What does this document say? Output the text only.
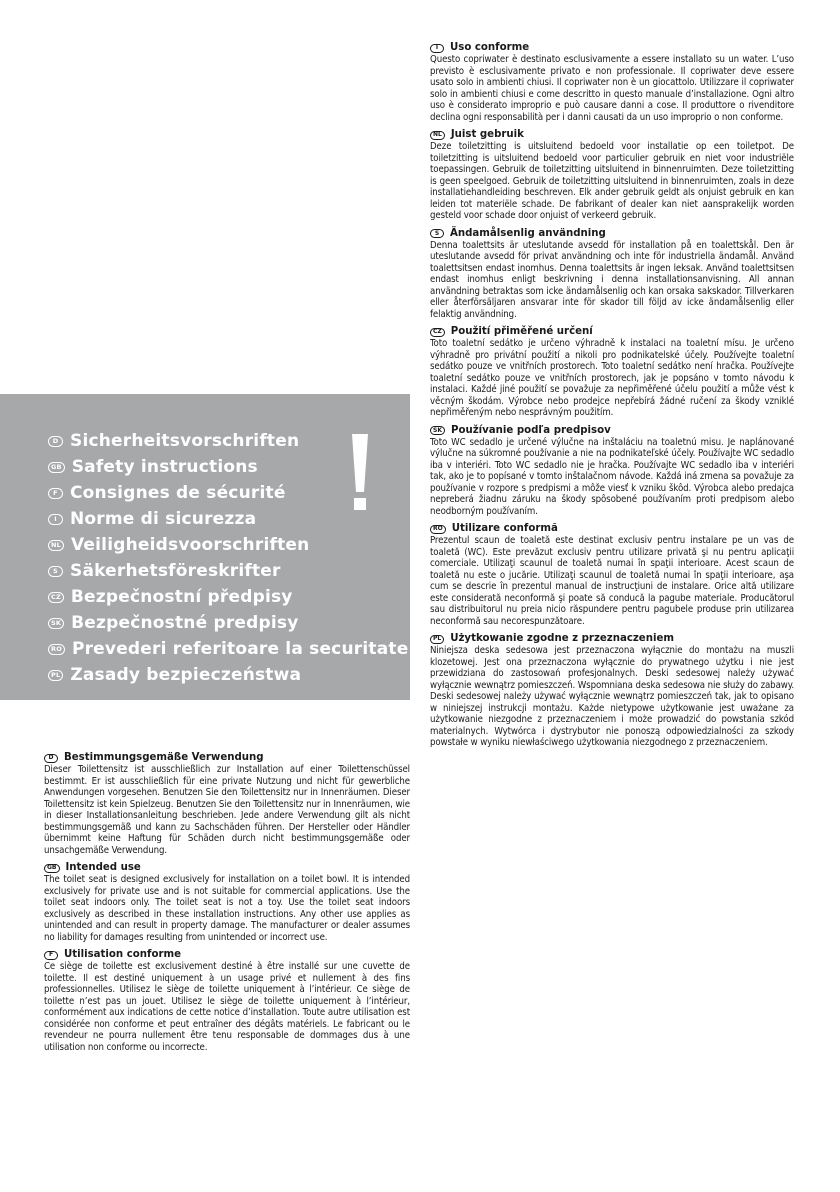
I	Uso conforme

Questo copriwater è destinato esclusivamente a essere installato su un water. L’uso previsto è esclusivamente privato e non professionale. Il copriwater deve essere usato solo in ambienti chiusi. Il copriwater non è un giocattolo. Utilizzare il copriwater solo in ambienti chiusi e come descritto in questo manuale d’installazione. Ogni altro uso è considerato improprio e può causare danni a cose. Il produttore o rivenditore declina ogni responsabilità per i danni causati da un uso improprio o non conforme.

NL Juist gebruik

Deze toiletzitting is uitsluitend bedoeld voor installatie op een toiletpot. De toiletzitting is uitsluitend bedoeld voor particulier gebruik en niet voor industriële toepassingen. Gebruik de toiletzitting uitsluitend in binnenruimten. Deze toiletzitting is geen speelgoed. Gebruik de toiletzitting uitsluitend in binnenruimten, zoals in deze installatiehandleiding beschreven. Elk ander gebruik geldt als onjuist gebruik en kan leiden tot materiële schade. De fabrikant of dealer kan niet aansprakelijk worden gesteld voor schade door onjuist of verkeerd gebruik.

S	Ändamålsenlig användning

Denna toalettsits är uteslutande avsedd för installation på en toalettskål. Den är uteslutande avsedd för privat användning och inte för industriella ändamål. Använd toalettsitsen endast inomhus. Denna toalettsits är ingen leksak. Använd toalettsitsen endast inomhus enligt beskrivning i denna installationsanvisning. All annan användning betraktas som icke ändamålsenlig och kan orsaka sakskador. Tillverkaren eller återförsäljaren ansvarar inte för skador till följd av icke ändamålsenlig eller felaktig användning.

CZ Použití přiměřené určení

Toto toaletní sedátko je určeno výhradně k instalaci na toaletní mísu. Je určeno výhradně pro privátní použití a nikoli pro podnikatelské účely. Používejte toaletní sedátko pouze ve vnitřních prostorech. Toto toaletní sedátko není hračka. Používejte toaletní sedátko pouze ve vnitřních prostorech, jak je popsáno v tomto návodu k instalaci. Každé jiné použití se považuje za nepřiměřené účelu použití a může vést k věcným škodám. Výrobce nebo prodejce nepřebírá žádné ručení za škody vzniklé nepřiměřeným nebo nesprávným použitím.

SK Používanie podľa predpisov

Toto WC sedadlo je určené výlučne na inštaláciu na toaletnú misu. Je naplánované výlučne na súkromné používanie a nie na podnikateľské účely. Používajte WC sedadlo iba v interiéri. Toto WC sedadlo nie je hračka. Používajte WC sedadlo iba v interiéri tak, ako je to popísané v tomto inštalačnom návode. Každá iná zmena sa považuje za používanie v rozpore s predpismi a môže viesť k vzniku škôd. Výrobca alebo predajca nepreberá žiadnu záruku na škody spôsobené používaním proti predpisom alebo neodborným používaním.

RO Utilizare conformă

Prezentul scaun de toaletă este destinat exclusiv pentru instalare pe un vas de toaletă (WC). Este prevăzut exclusiv pentru utilizare privată şi nu pentru aplicaţii comerciale. Utilizaţi scaunul de toaletă numai în spaţii interioare. Acest scaun de toaletă nu este o jucărie. Utilizaţi scaunul de toaletă numai în spaţii interioare, aşa cum se descrie în prezentul manual de instrucţiuni de instalare. Orice altă utilizare este considerată neconformă şi poate să conducă la pagube materiale. Producătorul sau distribuitorul nu preia nicio răspundere pentru pagubele produse prin utilizarea neconformă sau necorespunzătoare.

PL Użytkowanie zgodne z przeznaczeniem

Niniejsza deska sedesowa jest przeznaczona wyłącznie do montażu na muszli klozetowej. Jest ona przeznaczona wyłącznie do prywatnego użytku i nie jest przewidziana do zastosowań profesjonalnych. Deski sedesowej należy używać wyłącznie wewnątrz pomieszczeń. Wspomniana deska sedesowa nie służy do zabawy. Deski sedesowej należy używać wyłącznie wewnątrz pomieszczeń tak, jak to opisano w niniejszej instrukcji montażu. Każde nietypowe użytkowanie jest uważane za użytkowanie niezgodne z przeznaczeniem i może prowadzić do powstania szkód materialnych. Wytwórca i dystrybutor nie ponoszą odpowiedzialności za szkody powstałe w wyniku niewłaściwego użytkowania niezgodnego z przeznaczeniem.

D Sicherheitsvorschriften
GB Safety instructions
F Consignes de sécurité
I Norme di sicurezza
NL Veiligheidsvoorschriften
S Säkerhetsföreskrifter
CZ Bezpečnostní předpisy
SK Bezpečnostné predpisy
RO Prevederi referitoare la securitate
PL Zasady bezpieczeństwa
D	Bestimmungsgemäße Verwendung

Dieser Toilettensitz ist ausschließlich zur Installation auf einer Toilettenschüssel bestimmt. Er ist ausschließlich für eine private Nutzung und nicht für gewerbliche Anwendungen vorgesehen. Benutzen Sie den Toilettensitz nur in Innenräumen. Dieser Toilettensitz ist kein Spielzeug. Benutzen Sie den Toilettensitz nur in Innenräumen, wie in dieser Installationsanleitung beschrieben. Jede andere Verwendung gilt als nicht bestimmungsgemäß und kann zu Sachschäden führen. Der Hersteller oder Händler übernimmt keine Haftung für Schäden durch nicht bestimmungsgemäße oder unsachgemäße Verwendung.

GB Intended use

The toilet seat is designed exclusively for installation on a toilet bowl. It is intended exclusively for private use and is not suitable for commercial applications. Use the toilet seat indoors only. The toilet seat is not a toy. Use the toilet seat indoors exclusively as described in these installation instructions. Any other use applies as unintended and can result in property damage. The manufacturer or dealer assumes no liability for damages resulting from unintended or incorrect use.

F	Utilisation conforme

Ce siège de toilette est exclusivement destiné à être installé sur une cuvette de toilette. Il est destiné uniquement à un usage privé et nullement à des fins professionnelles. Utilisez le siège de toilette uniquement à l’intérieur. Ce siège de toilette n’est pas un jouet. Utilisez le siège de toilette uniquement à l’intérieur, conformément aux indications de cette notice d’installation. Toute autre utilisation est considérée non conforme et peut entraîner des dégâts matériels. Le fabricant ou le revendeur ne pourra nullement être tenu responsable de dommages dus à une utilisation non conforme ou incorrecte.
